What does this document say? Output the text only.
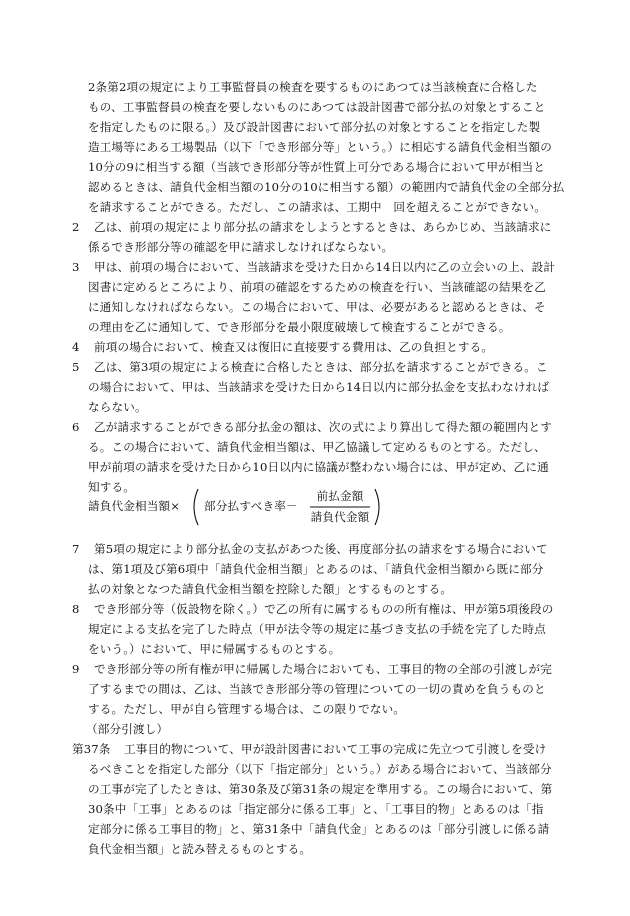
2条第2項の規定により工事監督員の検査を要するものにあつては当該検査に合格した
もの、工事監督員の検査を要しないものにあつては設計図書で部分払の対象とすること
を指定したものに限る。）及び設計図書において部分払の対象とすることを指定した製
造工場等にある工場製品（以下「でき形部分等」という。）に相応する請負代金相当額の
10分の9に相当する額（当該でき形部分等が性質上可分である場合において甲が相当と
認めるときは、請負代金相当額の10分の10に相当する額）の範囲内で請負代金の全部分払
を請求することができる。ただし、この請求は、工期中　回を超えることができない。
2 乙は、前項の規定により部分払の請求をしようとするときは、あらかじめ、当該請求に
係るでき形部分等の確認を甲に請求しなければならない。
3 甲は、前項の場合において、当該請求を受けた日から14日以内に乙の立会いの上、設計
図書に定めるところにより、前項の確認をするための検査を行い、当該確認の結果を乙
に通知しなければならない。この場合において、甲は、必要があると認めるときは、そ
の理由を乙に通知して、でき形部分を最小限度破壊して検査することができる。
4 前項の場合において、検査又は復旧に直接要する費用は、乙の負担とする。
5 乙は、第3項の規定による検査に合格したときは、部分払を請求することができる。こ
の場合において、甲は、当該請求を受けた日から14日以内に部分払金を支払わなければ
ならない。
6 乙が請求することができる部分払金の額は、次の式により算出して得た額の範囲内とす
る。この場合において、請負代金相当額は、甲乙協議して定めるものとする。ただし、
甲が前項の請求を受けた日から10日以内に協議が整わない場合には、甲が定め、乙に通
知する。
請負代金相当額× 部分払すべき率－
前払金額
請負代金額
7 第5項の規定により部分払金の支払があつた後、再度部分払の請求をする場合において
は、第1項及び第6項中「請負代金相当額」とあるのは、「請負代金相当額から既に部分
払の対象となつた請負代金相当額を控除した額」とするものとする。
8 でき形部分等（仮設物を除く。）で乙の所有に属するものの所有権は、甲が第5項後段の
規定による支払を完了した時点（甲が法令等の規定に基づき支払の手続を完了した時点
をいう。）において、甲に帰属するものとする。
9 でき形部分等の所有権が甲に帰属した場合においても、工事目的物の全部の引渡しが完
了するまでの間は、乙は、当該でき形部分等の管理についての一切の責めを負うものと
する。ただし、甲が自ら管理する場合は、この限りでない。
（部分引渡し）
第37条 工事目的物について、甲が設計図書において工事の完成に先立つて引渡しを受け
るべきことを指定した部分（以下「指定部分」という。）がある場合において、当該部分
の工事が完了したときは、第30条及び第31条の規定を準用する。この場合において、第
30条中「工事」とあるのは「指定部分に係る工事」と、「工事目的物」とあるのは「指
定部分に係る工事目的物」と、第31条中「請負代金」とあるのは「部分引渡しに係る請
負代金相当額」と読み替えるものとする。
